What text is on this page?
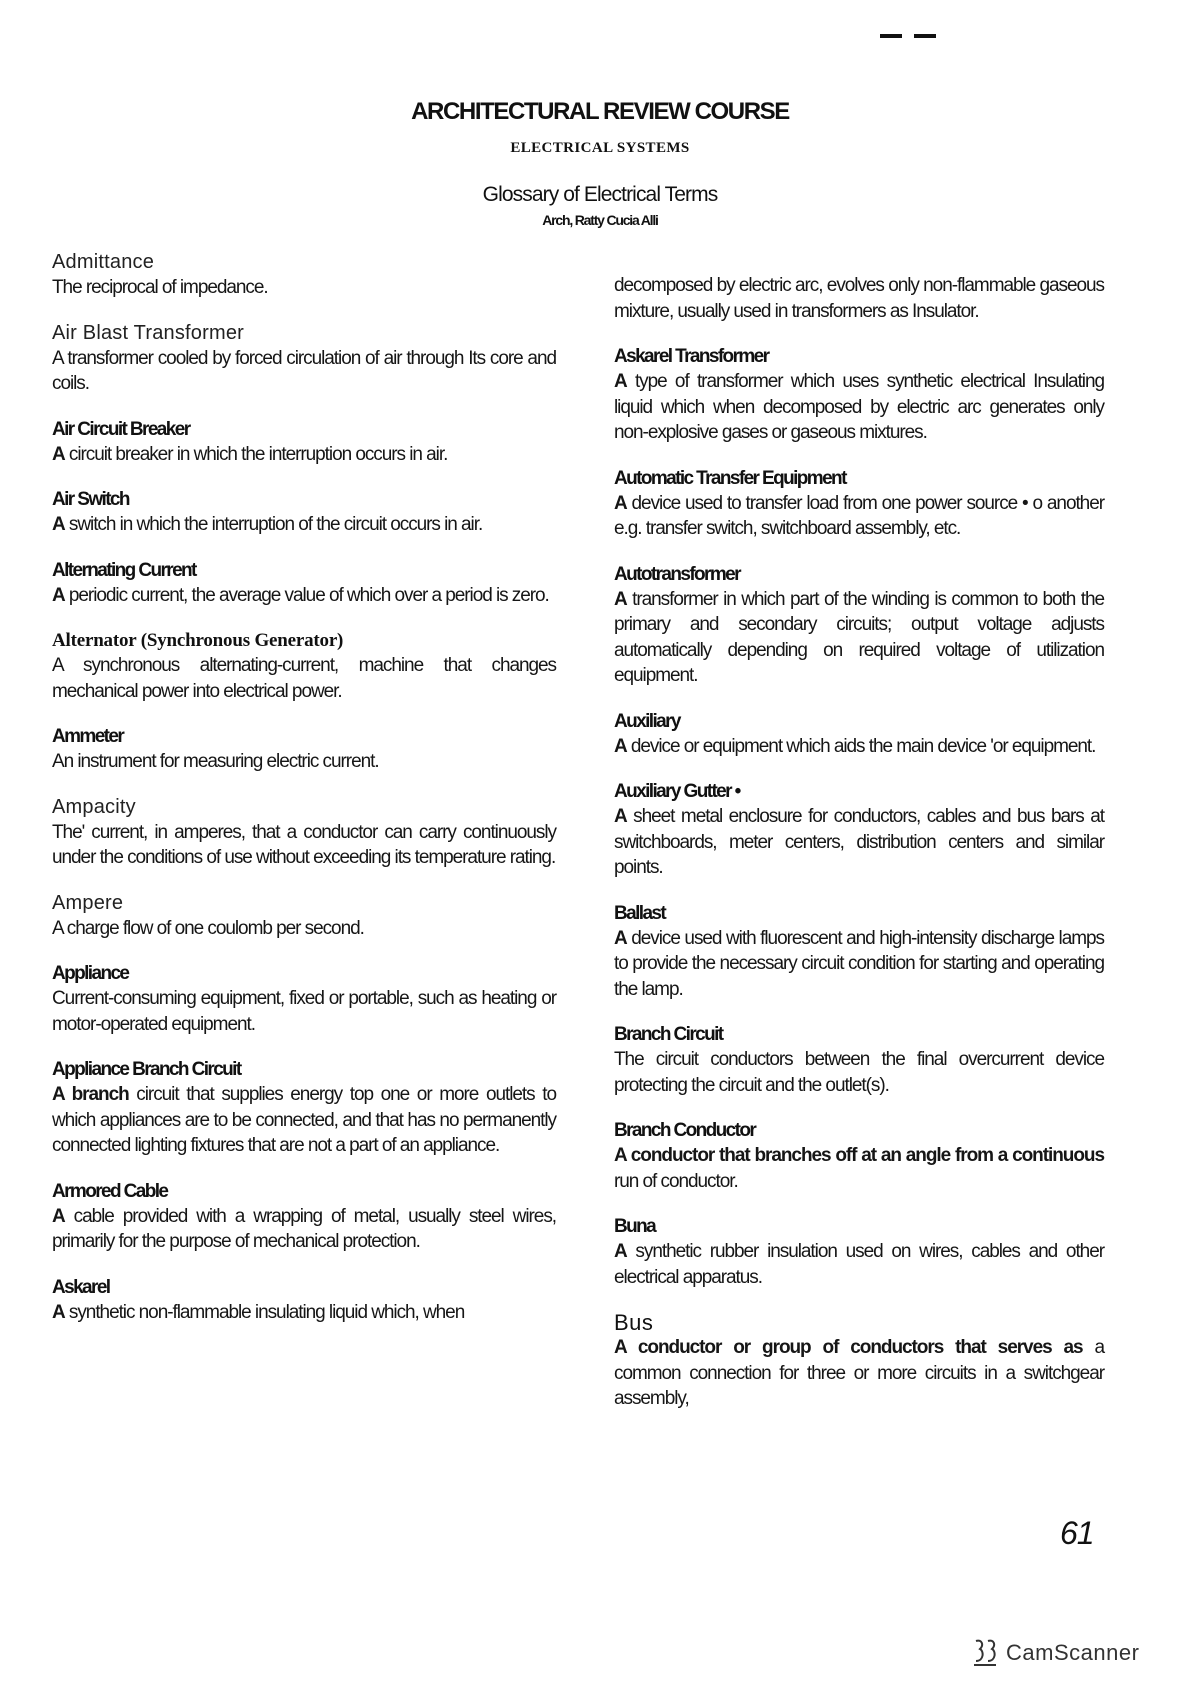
ARCHITECTURAL REVIEW COURSE
ELECTRICAL SYSTEMS
Glossary of Electrical Terms
Arch, Ratty Cucia Alli
Admittance
The reciprocal of impedance.
Air Blast Transformer
A transformer cooled by forced circulation of air through Its core and coils.
Air Circuit Breaker
A circuit breaker in which the interruption occurs in air.
Air Switch
A switch in which the interruption of the circuit occurs in air.
Alternating Current
A periodic current, the average value of which over a period is zero.
Alternator (Synchronous Generator)
A synchronous alternating-current, machine that changes mechanical power into electrical power.
Ammeter
An instrument for measuring electric current.
Ampacity
The' current, in amperes, that a conductor can carry continuously under the conditions of use without exceeding its temperature rating.
Ampere
A charge flow of one coulomb per second.
Appliance
Current-consuming equipment, fixed or portable, such as heating or motor-operated equipment.
Appliance Branch Circuit
A branch circuit that supplies energy top one or more outlets to which appliances are to be connected, and that has no permanently connected lighting fixtures that are not a part of an appliance.
Armored Cable
A cable provided with a wrapping of metal, usually steel wires, primarily for the purpose of mechanical protection.
Askarel
A synthetic non-flammable insulating liquid which, when
decomposed by electric arc, evolves only non-flammable gaseous mixture, usually used in transformers as Insulator.
Askarel Transformer
A type of transformer which uses synthetic electrical Insulating liquid which when decomposed by electric arc generates only non-explosive gases or gaseous mixtures.
Automatic Transfer Equipment
A device used to transfer load from one power source • o another e.g. transfer switch, switchboard assembly, etc.
Autotransformer
A transformer in which part of the winding is common to both the primary and secondary circuits; output voltage adjusts automatically depending on required voltage of utilization equipment.
Auxiliary
A device or equipment which aids the main device 'or equipment.
Auxiliary Gutter •
A sheet metal enclosure for conductors, cables and bus bars at switchboards, meter centers, distribution centers and similar points.
Ballast
A device used with fluorescent and high-intensity discharge lamps to provide the necessary circuit condition for starting and operating the lamp.
Branch Circuit
The circuit conductors between the final overcurrent device protecting the circuit and the outlet(s).
Branch Conductor
A conductor that branches off at an angle from a continuous run of conductor.
Buna
A synthetic rubber insulation used on wires, cables and other electrical apparatus.
Bus
A conductor or group of conductors that serves as a common connection for three or more circuits in a switchgear assembly,
61
CamScanner
